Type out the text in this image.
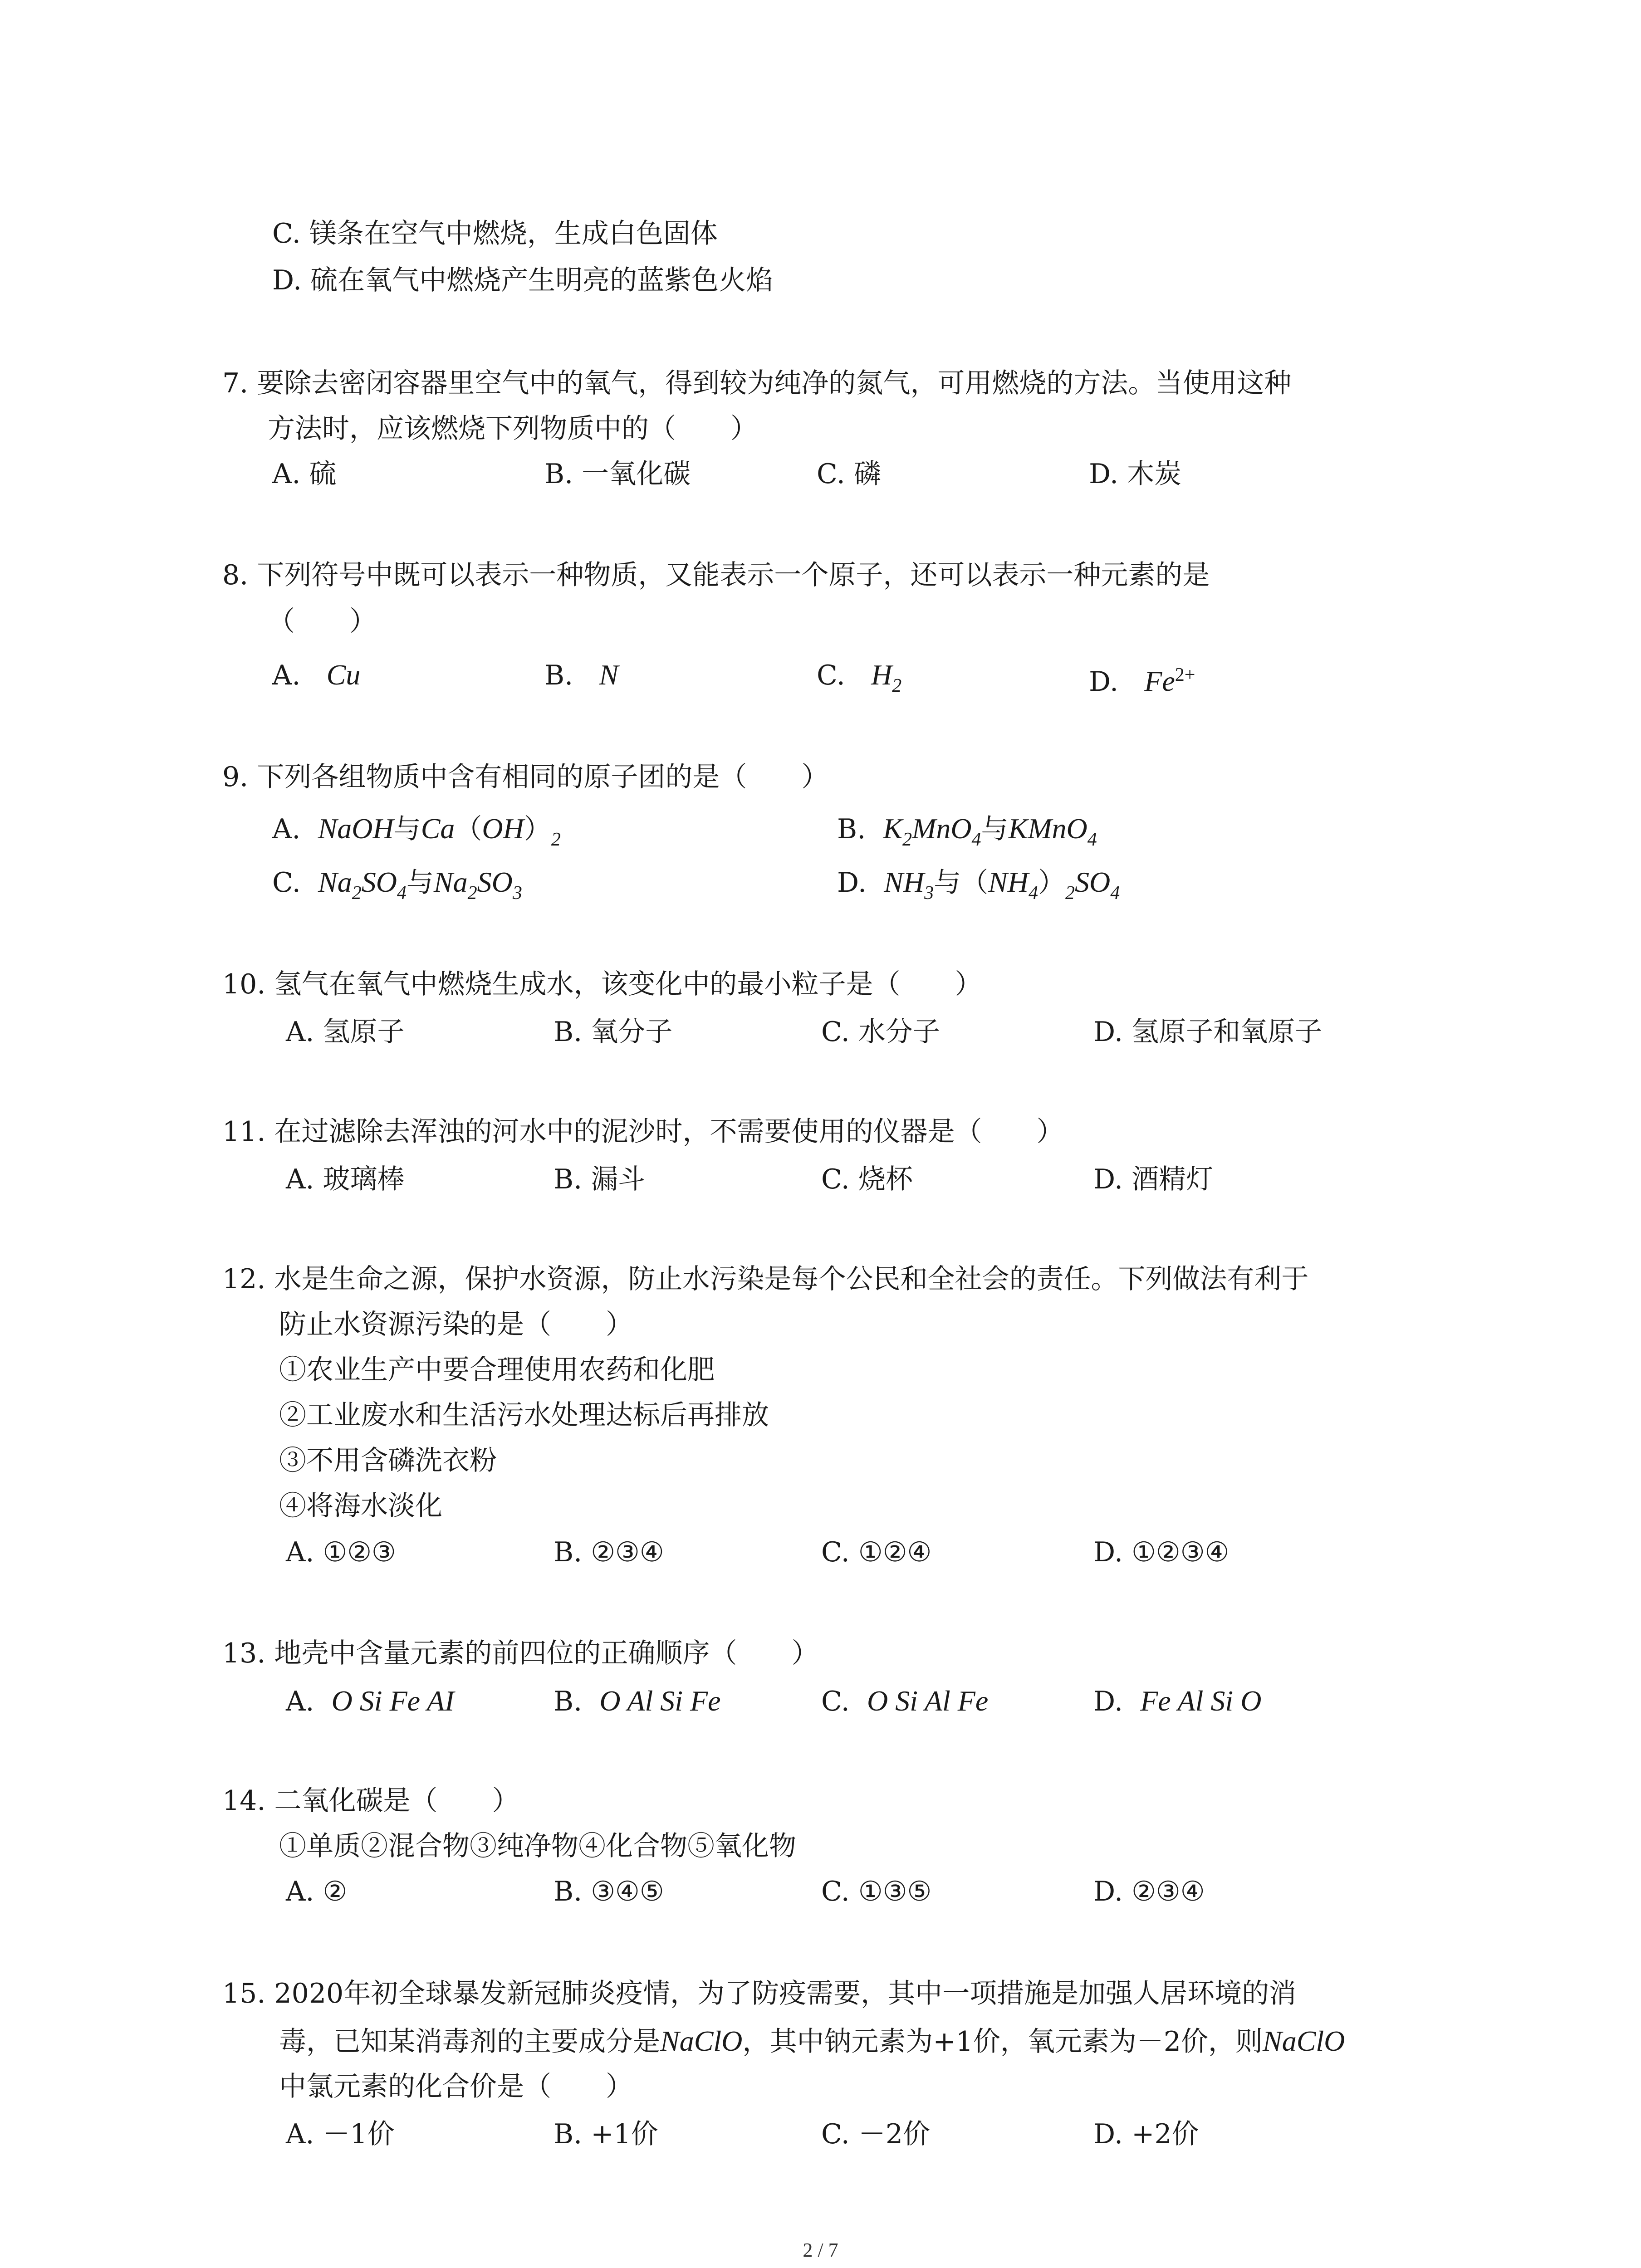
C. 镁条在空气中燃烧，生成白色固体
D. 硫在氧气中燃烧产生明亮的蓝紫色火焰
7. 要除去密闭容器里空气中的氧气，得到较为纯净的氮气，可用燃烧的方法。当使用这种
方法时，应该燃烧下列物质中的（　　）
A. 硫	B. 一氧化碳	C. 磷	D. 木炭
8. 下列符号中既可以表示一种物质，又能表示一个原子，还可以表示一种元素的是
（　　）
A. Cu	B. N	C. $H_2$	D. $Fe^{2+}$
9. 下列各组物质中含有相同的原子团的是（　　）
A. NaOH与$Ca(OH)_2$	B. $K_2MnO_4$与KMnO$_4$
C. $Na_2SO_4$与$Na_2SO_3$	D. $NH_3$与$(NH_4)_2SO_4$
10. 氢气在氧气中燃烧生成水，该变化中的最小粒子是（　　）
A. 氢原子	B. 氧分子	C. 水分子	D. 氢原子和氧原子
11. 在过滤除去浑浊的河水中的泥沙时，不需要使用的仪器是（　　）
A. 玻璃棒	B. 漏斗	C. 烧杯	D. 酒精灯
12. 水是生命之源，保护水资源，防止水污染是每个公民和全社会的责任。下列做法有利于
防止水资源污染的是（　　）
①农业生产中要合理使用农药和化肥
②工业废水和生活污水处理达标后再排放
③不用含磷洗衣粉
④将海水淡化
A. ①②③	B. ②③④	C. ①②④	D. ①②③④
13. 地壳中含量元素的前四位的正确顺序（　　）
A. O Si Fe AI	B. O Al Si Fe	C. O Si Al Fe	D. Fe Al Si O
14. 二氧化碳是（　　）
①单质②混合物③纯净物④化合物⑤氧化物
A. ②	B. ③④⑤	C. ①③⑤	D. ②③④
15. 2020年初全球暴发新冠肺炎疫情，为了防疫需要，其中一项措施是加强人居环境的消
毒，已知某消毒剂的主要成分是NaClO，其中钠元素为+1价，氧元素为－2价，则NaClO
中氯元素的化合价是（　　）
A. －1价	B. +1价	C. －2价	D. +2价
2 / 7
